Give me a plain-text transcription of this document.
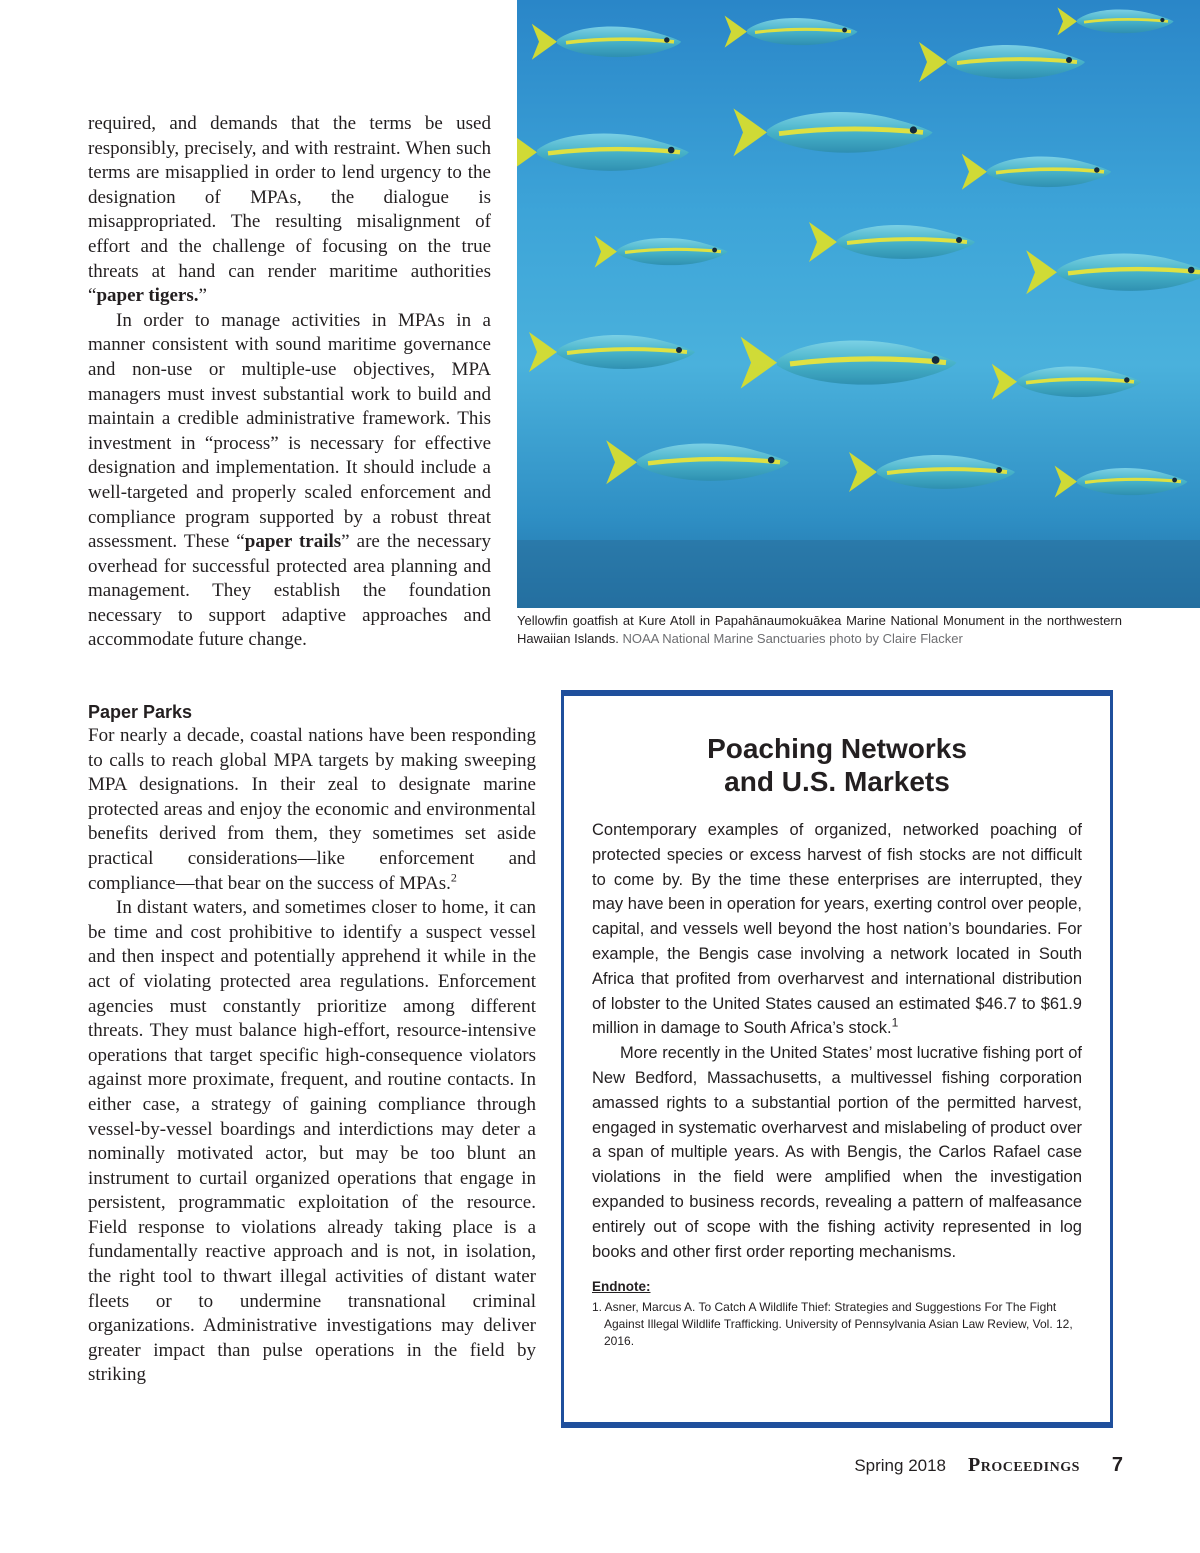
required, and demands that the terms be used responsibly, precisely, and with restraint. When such terms are misapplied in order to lend urgency to the designation of MPAs, the dialogue is misappropriated. The resulting misalignment of effort and the challenge of focusing on the true threats at hand can render maritime authorities “paper tigers.”

In order to manage activities in MPAs in a manner consistent with sound maritime governance and non-use or multiple-use objectives, MPA managers must invest substantial work to build and maintain a credible administrative framework. This investment in “process” is necessary for effective designation and implementation. It should include a well-targeted and properly scaled enforcement and compliance program supported by a robust threat assessment. These “paper trails” are the necessary overhead for successful protected area planning and management. They establish the foundation necessary to support adaptive approaches and accommodate future change.

Yellowfin goatfish at Kure Atoll in Papahānaumokuākea Marine National Monument in the northwestern Hawaiian Islands. NOAA National Marine Sanctuaries photo by Claire Flacker
Paper Parks

For nearly a decade, coastal nations have been responding to calls to reach global MPA targets by making sweeping MPA designations. In their zeal to designate marine protected areas and enjoy the economic and environmental benefits derived from them, they sometimes set aside practical considerations—like enforcement and compliance—that bear on the success of MPAs.$^2$

In distant waters, and sometimes closer to home, it can be time and cost prohibitive to identify a suspect vessel and then inspect and potentially apprehend it while in the act of violating protected area regulations. Enforcement agencies must constantly prioritize among different threats. They must balance high-effort, resource-intensive operations that target specific high-consequence violators against more proximate, frequent, and routine contacts. In either case, a strategy of gaining compliance through vessel-by-vessel boardings and interdictions may deter a nominally motivated actor, but may be too blunt an instrument to curtail organized operations that engage in persistent, programmatic exploitation of the resource. Field response to violations already taking place is a fundamentally reactive approach and is not, in isolation, the right tool to thwart illegal activities of distant water fleets or to undermine transnational criminal organizations. Administrative investigations may deliver greater impact than pulse operations in the field by striking

Poaching Networks
and U.S. Markets

Contemporary examples of organized, networked poaching of protected species or excess harvest of fish stocks are not difficult to come by. By the time these enterprises are interrupted, they may have been in operation for years, exerting control over people, capital, and vessels well beyond the host nation’s boundaries. For example, the Bengis case involving a network located in South Africa that profited from overharvest and international distribution of lobster to the United States caused an estimated $46.7 to $61.9 million in damage to South Africa’s stock.$^1$

More recently in the United States’ most lucrative fishing port of New Bedford, Massachusetts, a multivessel fishing corporation amassed rights to a substantial portion of the permitted harvest, engaged in systematic overharvest and mislabeling of product over a span of multiple years. As with Bengis, the Carlos Rafael case violations in the field were amplified when the investigation expanded to business records, revealing a pattern of malfeasance entirely out of scope with the fishing activity represented in log books and other first order reporting mechanisms.

Endnote:
1. Asner, Marcus A. To Catch A Wildlife Thief: Strategies and Suggestions For The Fight Against Illegal Wildlife Trafficking. University of Pennsylvania Asian Law Review, Vol. 12, 2016.
Spring 2018 Proceedings 7
